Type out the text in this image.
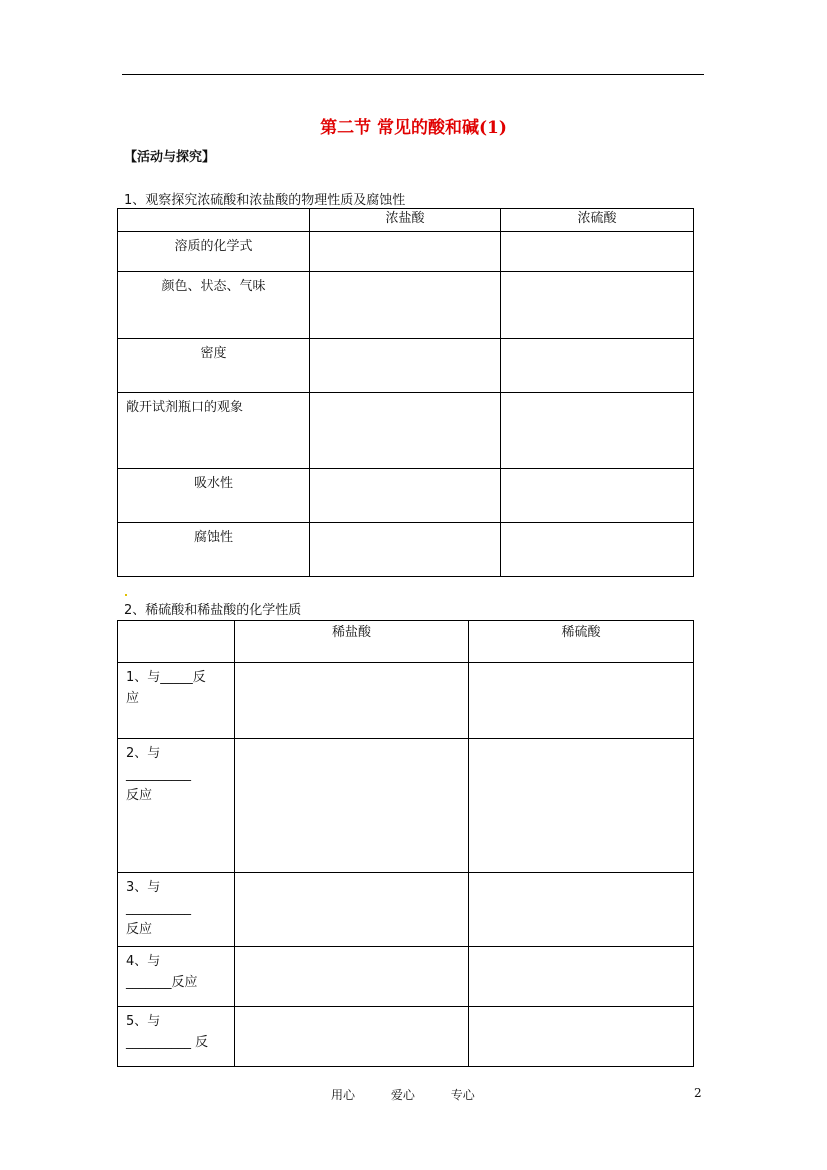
第二节 常见的酸和碱(1)
【活动与探究】
1、观察探究浓硫酸和浓盐酸的物理性质及腐蚀性
	浓盐酸	浓硫酸
溶质的化学式		
颜色、状态、气味		
密度		
敞开试剂瓶口的观象		
吸水性		
腐蚀性		
2、稀硫酸和稀盐酸的化学性质
	稀盐酸	稀硫酸

1、与_____反
应		

2、与
__________
反应		

3、与
__________
反应		

4、与
_______反应		

5、与
__________ 反		

用心	爱心	专心	2
